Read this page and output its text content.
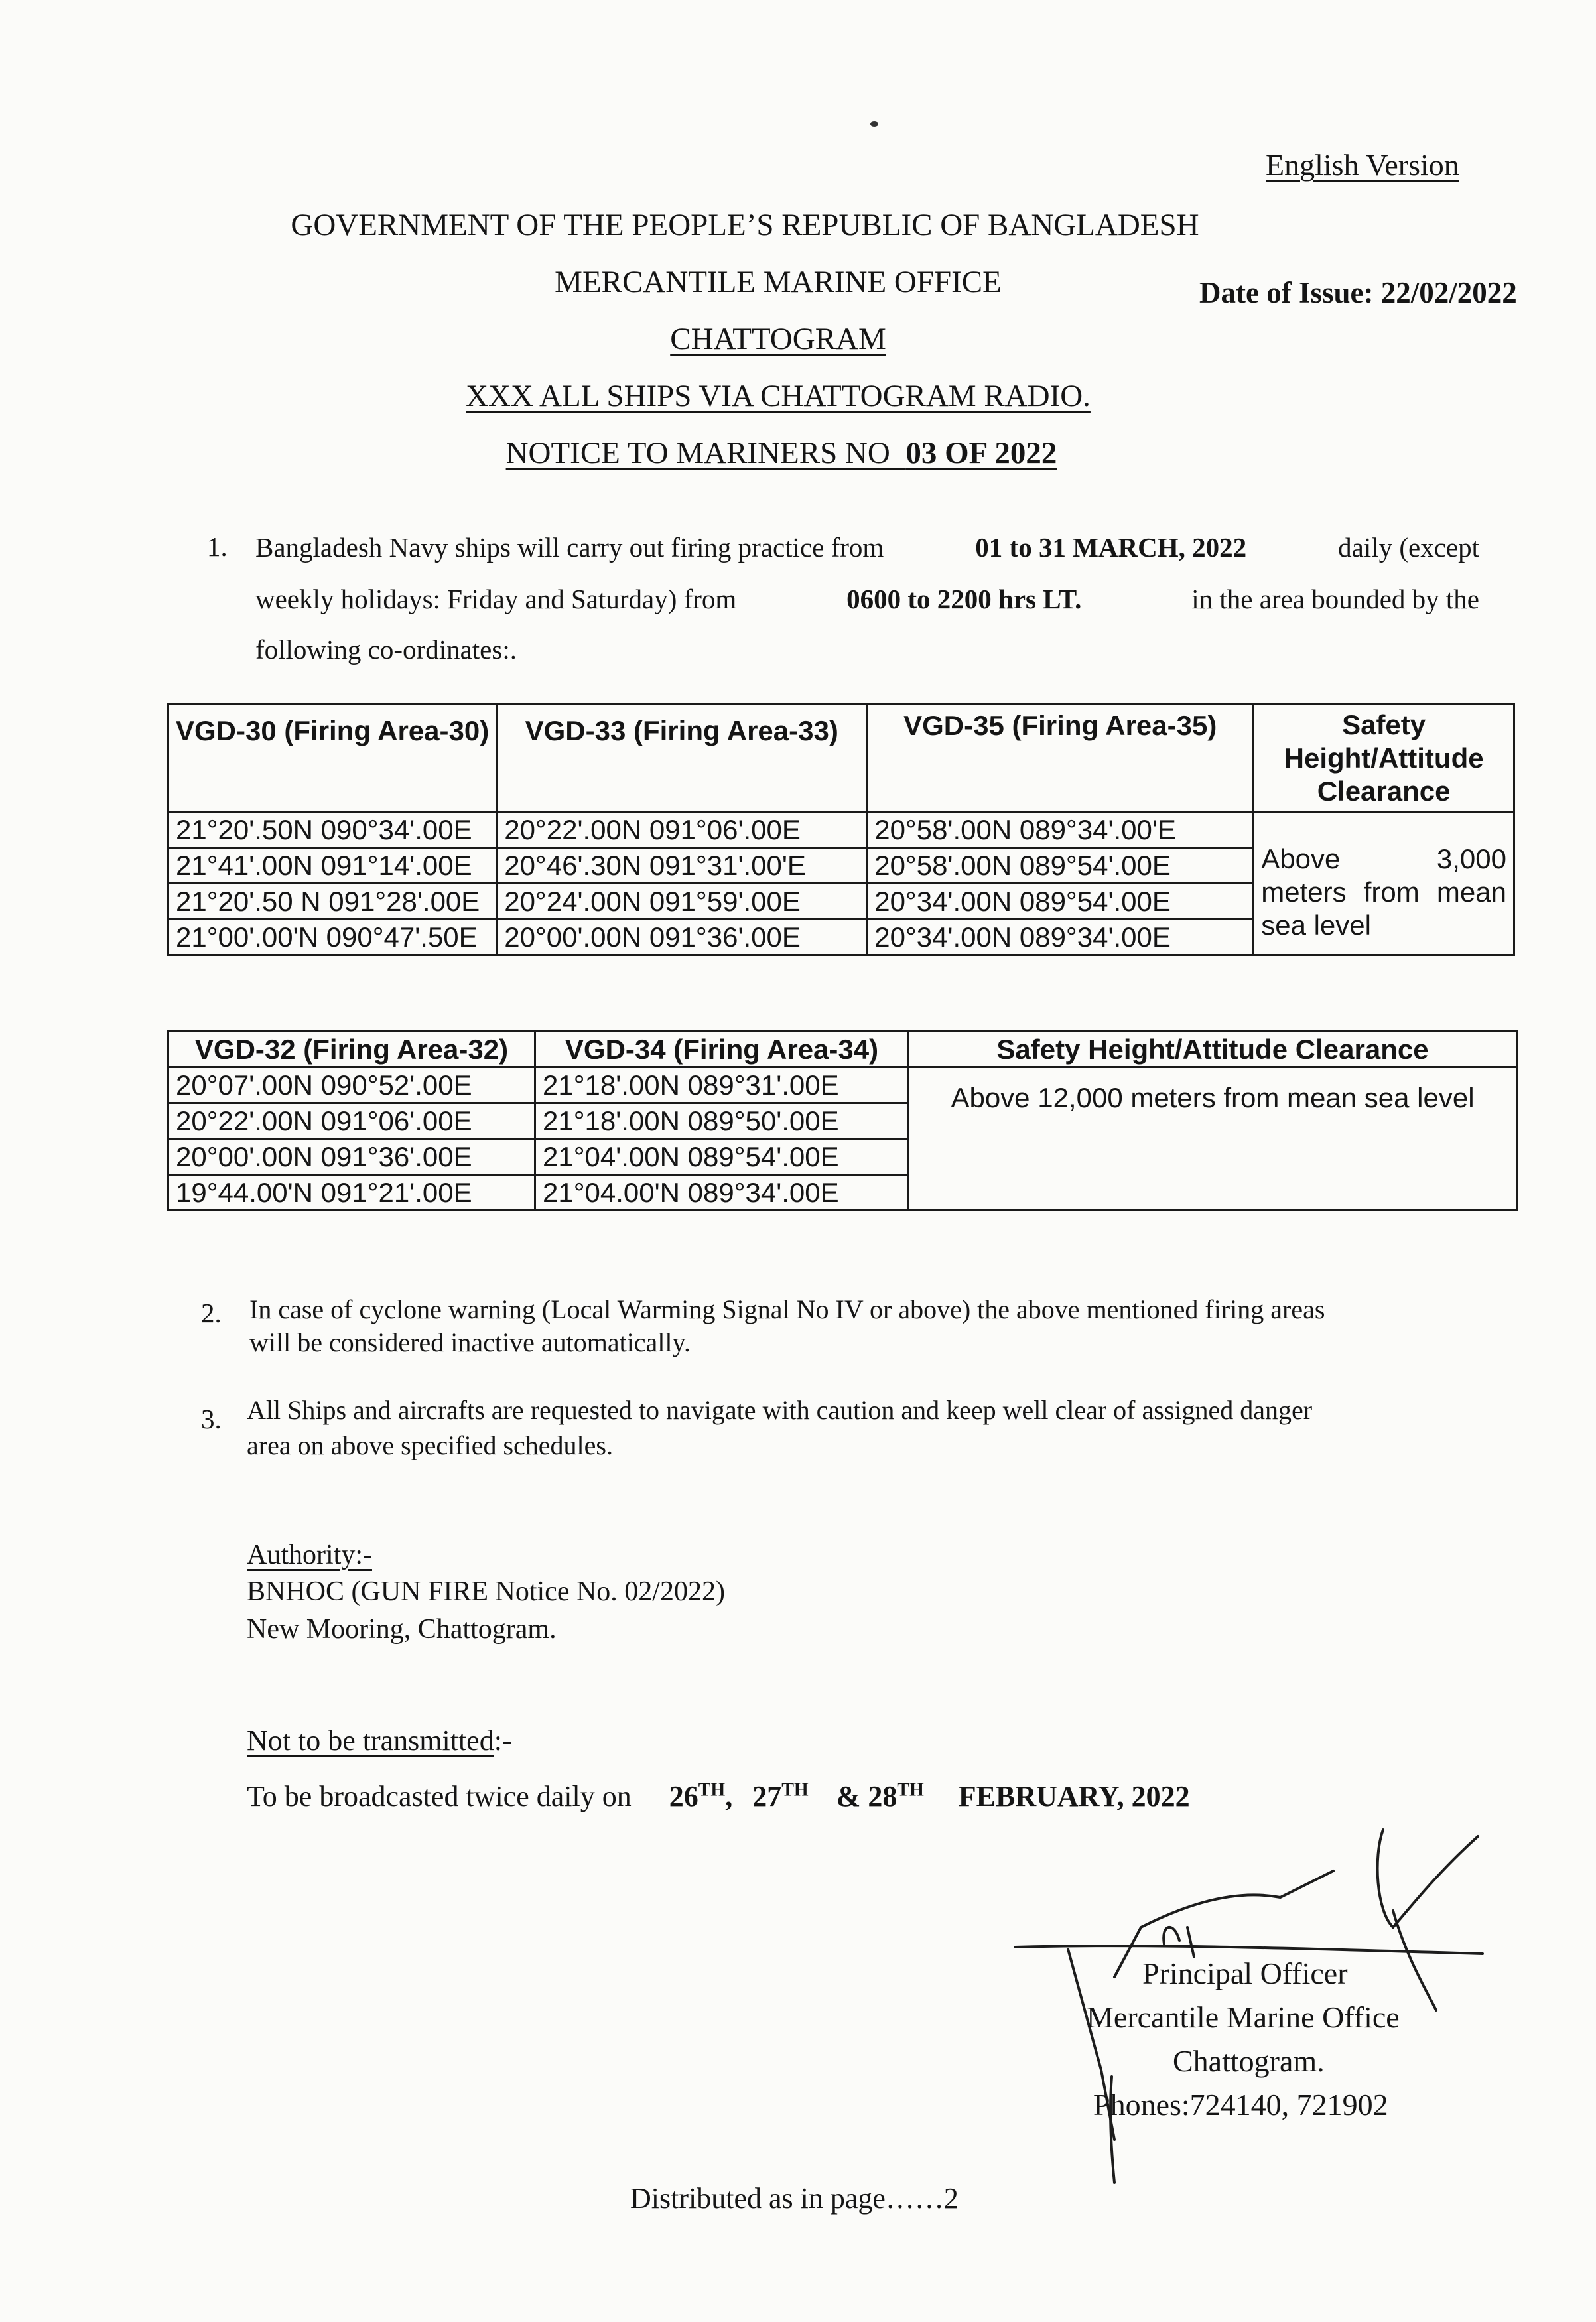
English Version
GOVERNMENT OF THE PEOPLE’S REPUBLIC OF BANGLADESH
MERCANTILE MARINE OFFICE	Date of Issue: 22/02/2022
CHATTOGRAM
XXX ALL SHIPS VIA CHATTOGRAM RADIO.
NOTICE TO MARINERS NO 03 OF 2022
1. Bangladesh Navy ships will carry out firing practice from	01 to 31 MARCH, 2022	daily (except
weekly holidays: Friday and Saturday) from	0600 to 2200 hrs LT.	in the area bounded by the
following co-ordinates:.
VGD-30 (Firing Area-30)	VGD-33 (Firing Area-33)	VGD-35 (Firing Area-35)	Safety Height/Attitude Clearance
21°20'.50N 090°34'.00E	20°22'.00N 091°06'.00E	20°58'.00N 089°34'.00'E	Above 3,000 meters from mean sea level
21°41'.00N 091°14'.00E	20°46'.30N 091°31'.00'E	20°58'.00N 089°54'.00E	
21°20'.50 N 091°28'.00E	20°24'.00N 091°59'.00E	20°34'.00N 089°54'.00E	
21°00'.00'N 090°47'.50E	20°00'.00N 091°36'.00E	20°34'.00N 089°34'.00E	
VGD-32 (Firing Area-32)	VGD-34 (Firing Area-34)	Safety Height/Attitude Clearance
20°07'.00N 090°52'.00E	21°18'.00N 089°31'.00E	Above 12,000 meters from mean sea level
20°22'.00N 091°06'.00E	21°18'.00N 089°50'.00E	
20°00'.00N 091°36'.00E	21°04'.00N 089°54'.00E	
19°44.00'N 091°21'.00E	21°04.00'N 089°34'.00E	
2. In case of cyclone warning (Local Warming Signal No IV or above) the above mentioned firing areas
will be considered inactive automatically.
3. All Ships and aircrafts are requested to navigate with caution and keep well clear of assigned danger
area on above specified schedules.
Authority:-
BNHOC (GUN FIRE Notice No. 02/2022)
New Mooring, Chattogram.
Not to be transmitted:-
To be broadcasted twice daily on 26TH, 27TH & 28TH FEBRUARY, 2022
Principal Officer
Mercantile Marine Office
Chattogram.
Phones:724140, 721902
Distributed as in page……2
